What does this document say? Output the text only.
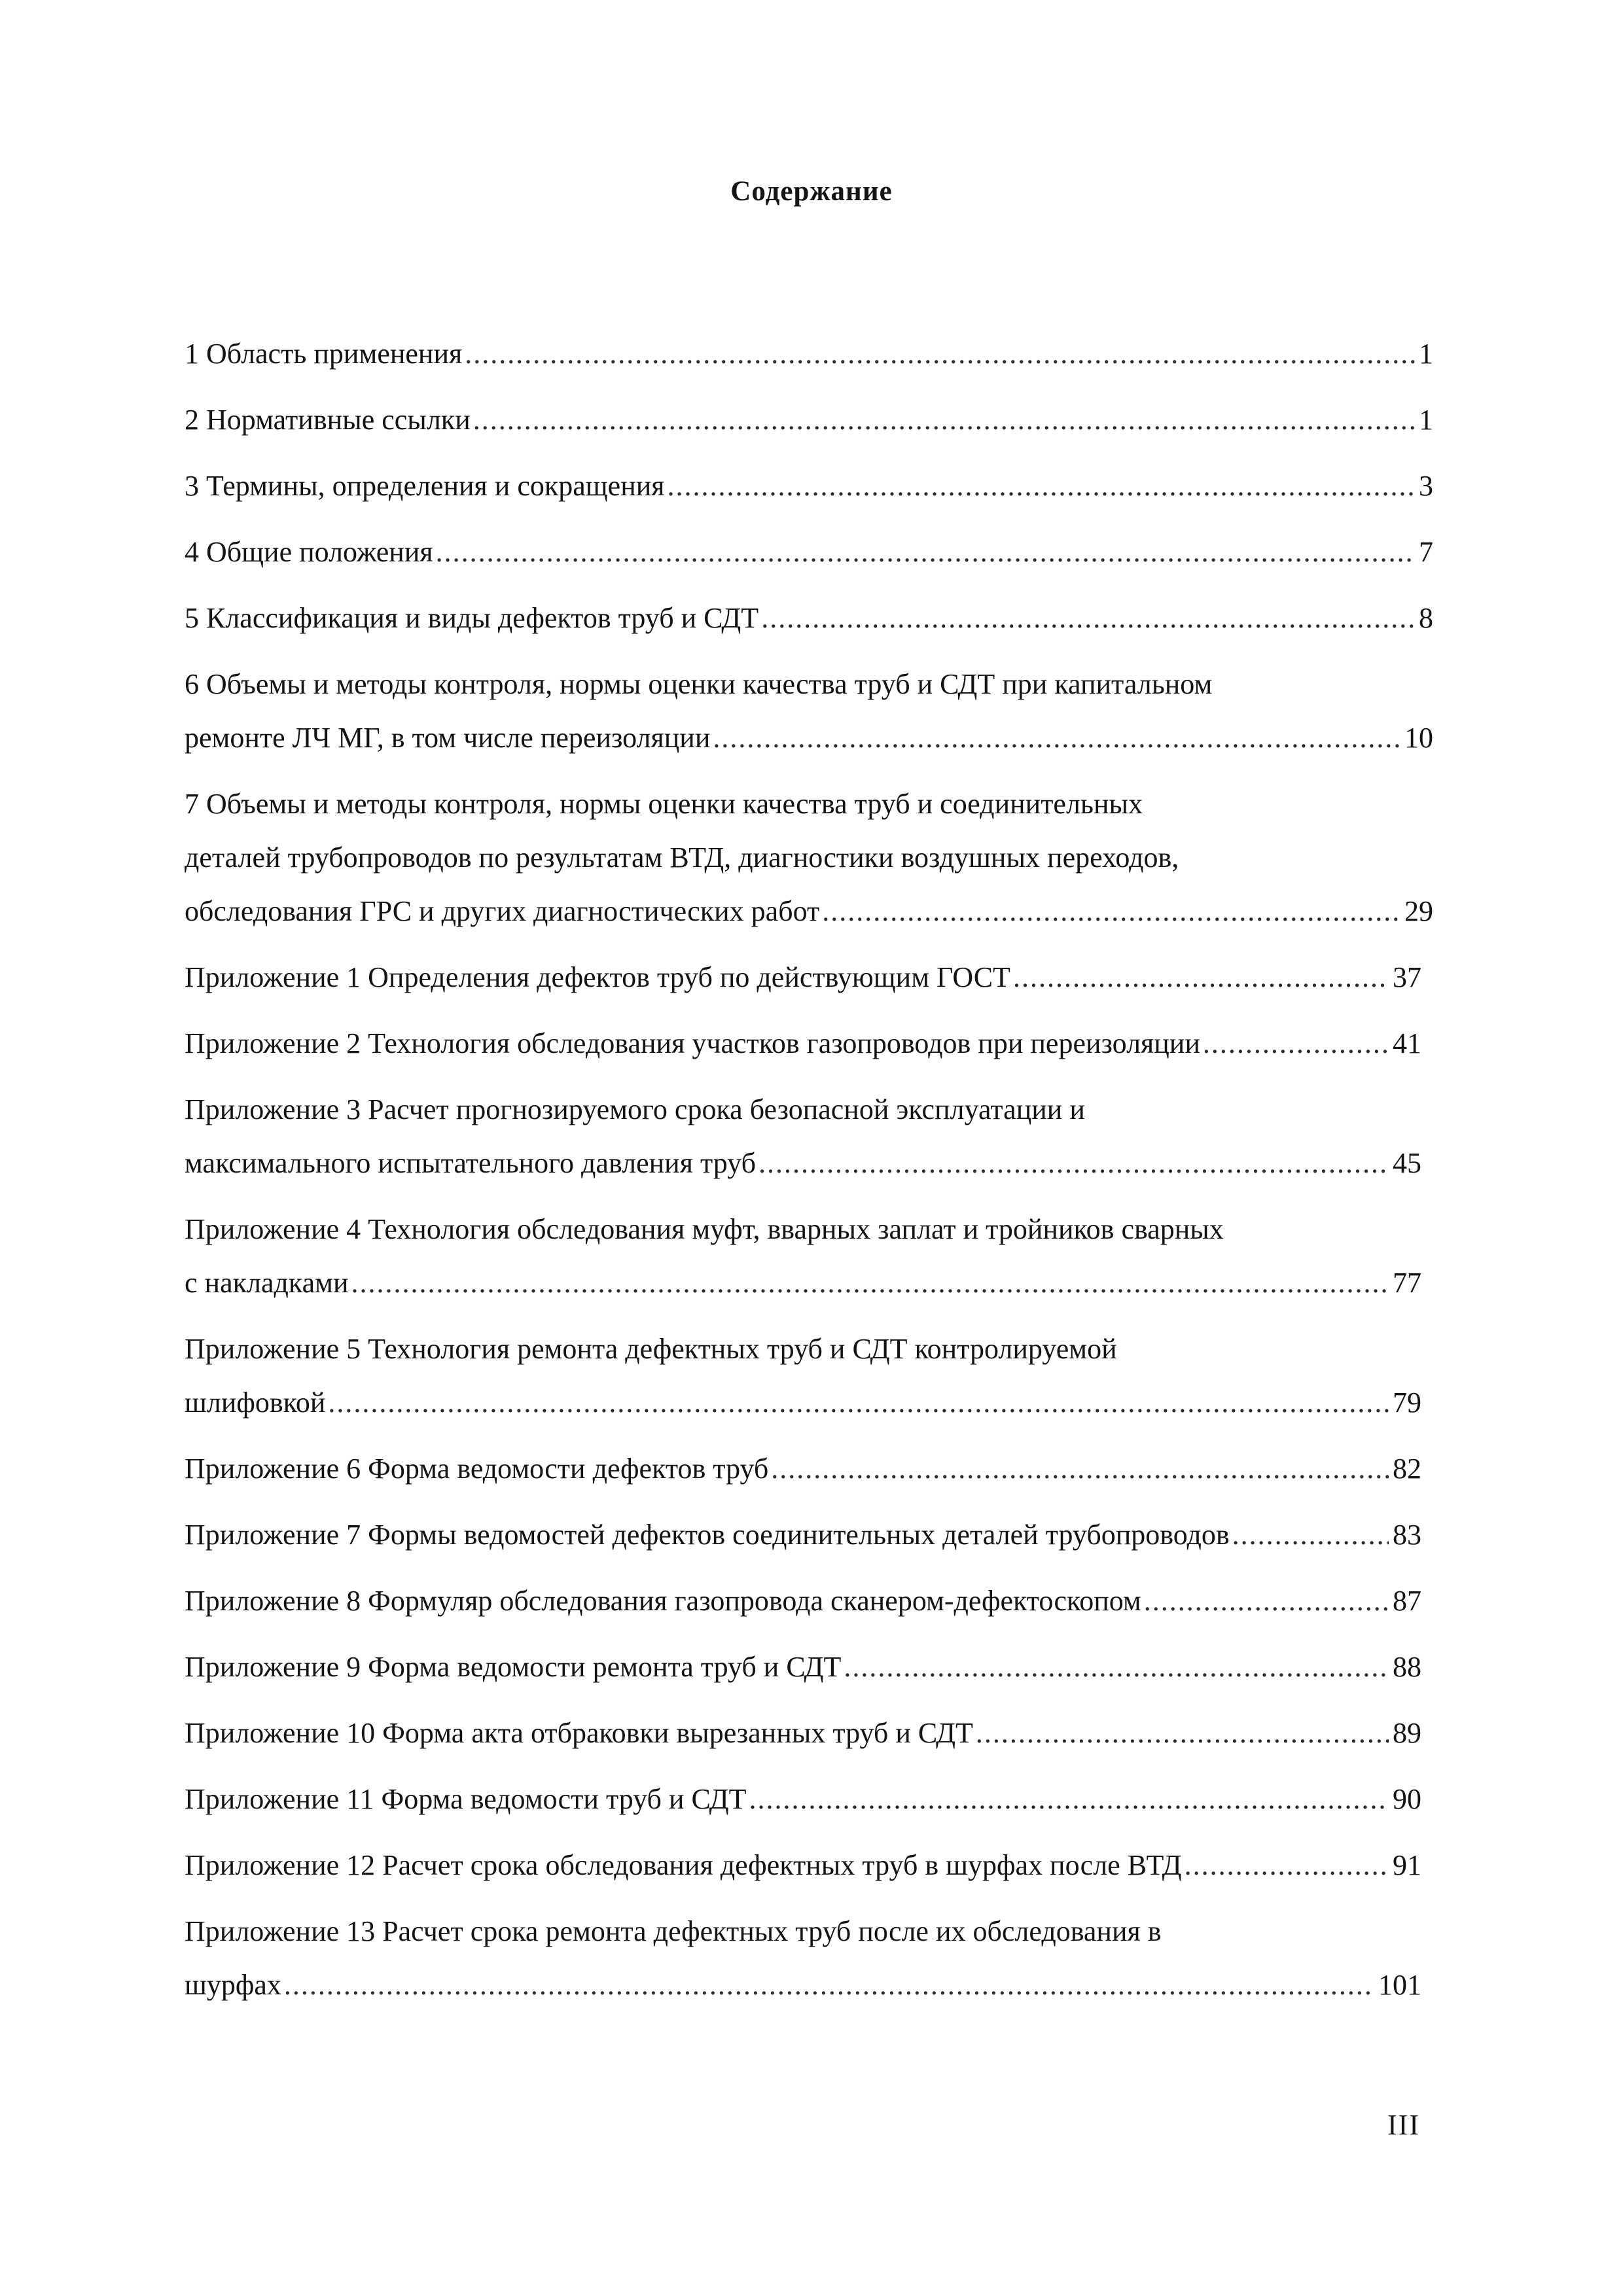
Содержание
1 Область применения .....	1
2 Нормативные ссылки .....	1
3 Термины, определения и сокращения .....	3
4 Общие положения .....	7
5 Классификация и виды дефектов труб и СДТ .....	8
6 Объемы и методы контроля, нормы оценки качества труб и СДТ при капитальном
ремонте ЛЧ МГ, в том числе переизоляции .....	10
7 Объемы и методы контроля, нормы оценки качества труб и соединительных
деталей трубопроводов по результатам ВТД, диагностики воздушных переходов,
обследования ГРС и других диагностических работ .....	29
Приложение 1 Определения дефектов труб по действующим ГОСТ .....	37
Приложение 2 Технология обследования участков газопроводов при переизоляции .....	41
Приложение 3 Расчет прогнозируемого срока безопасной эксплуатации и
максимального испытательного давления труб .....	45
Приложение 4 Технология обследования муфт, вварных заплат и тройников сварных
с накладками .....	77
Приложение 5 Технология ремонта дефектных труб и СДТ контролируемой
шлифовкой .....	79
Приложение 6 Форма ведомости дефектов труб .....	82
Приложение 7 Формы ведомостей дефектов соединительных деталей трубопроводов .....	83
Приложение 8 Формуляр обследования газопровода сканером-дефектоскопом .....	87
Приложение 9 Форма ведомости ремонта труб и СДТ .....	88
Приложение 10 Форма акта отбраковки вырезанных труб и СДТ .....	89
Приложение 11 Форма ведомости труб и СДТ .....	90
Приложение 12 Расчет срока обследования дефектных труб в шурфах после ВТД .....	91
Приложение 13 Расчет срока ремонта дефектных труб после их обследования в
шурфах .....	101
III
